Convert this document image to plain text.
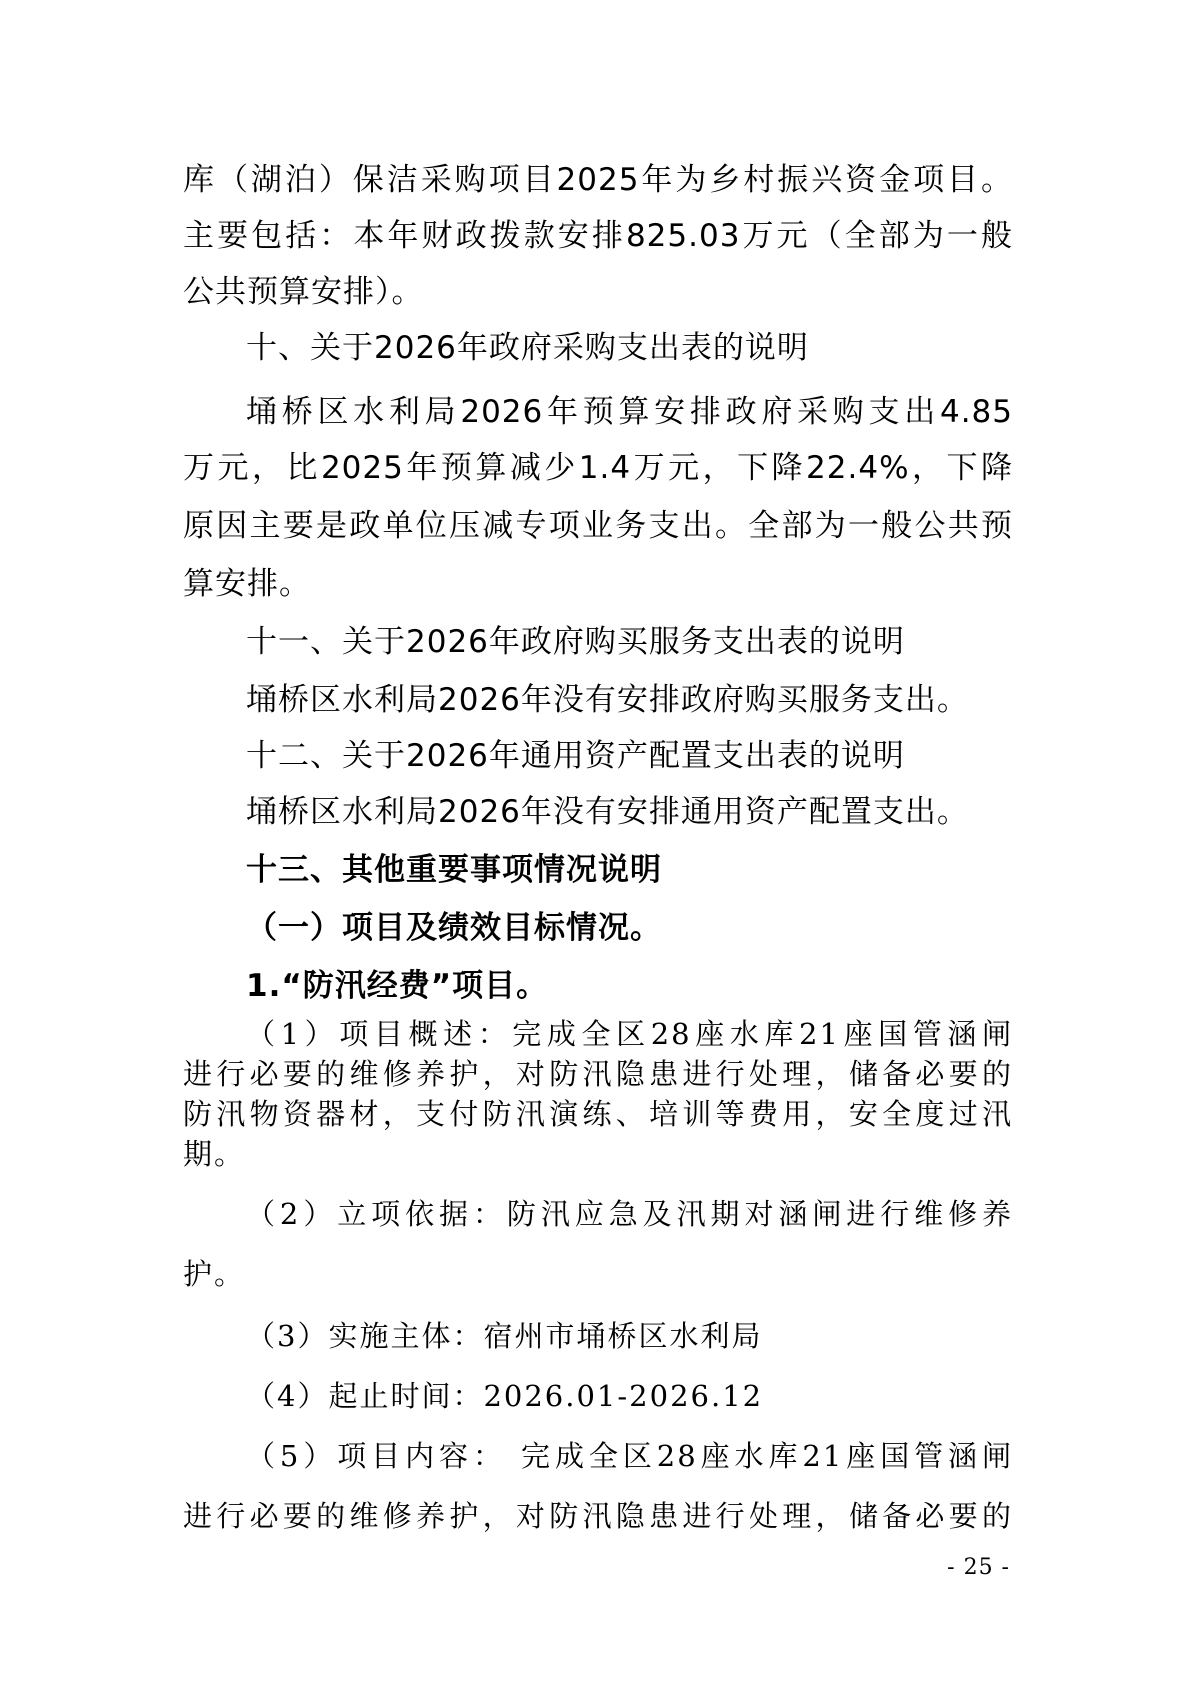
库（湖泊）保洁采购项目2025年为乡村振兴资金项目。
主要包括：本年财政拨款安排825.03万元（全部为一般
公共预算安排）。
十、关于2026年政府采购支出表的说明
埇桥区水利局2026年预算安排政府采购支出4.85
万元，比2025年预算减少1.4万元，下降22.4%，下降
原因主要是政单位压减专项业务支出。全部为一般公共预
算安排。
十一、关于2026年政府购买服务支出表的说明
埇桥区水利局2026年没有安排政府购买服务支出。
十二、关于2026年通用资产配置支出表的说明
埇桥区水利局2026年没有安排通用资产配置支出。
十三、其他重要事项情况说明
（一）项目及绩效目标情况。
1.“防汛经费”项目。
（1）项目概述：完成全区28座水库21座国管涵闸
进行必要的维修养护，对防汛隐患进行处理，储备必要的
防汛物资器材，支付防汛演练、培训等费用，安全度过汛
期。
（2）立项依据：防汛应急及汛期对涵闸进行维修养
护。
（3）实施主体：宿州市埇桥区水利局
（4）起止时间：2026.01-2026.12
（5）项目内容： 完成全区28座水库21座国管涵闸
进行必要的维修养护，对防汛隐患进行处理，储备必要的
- 25 -
